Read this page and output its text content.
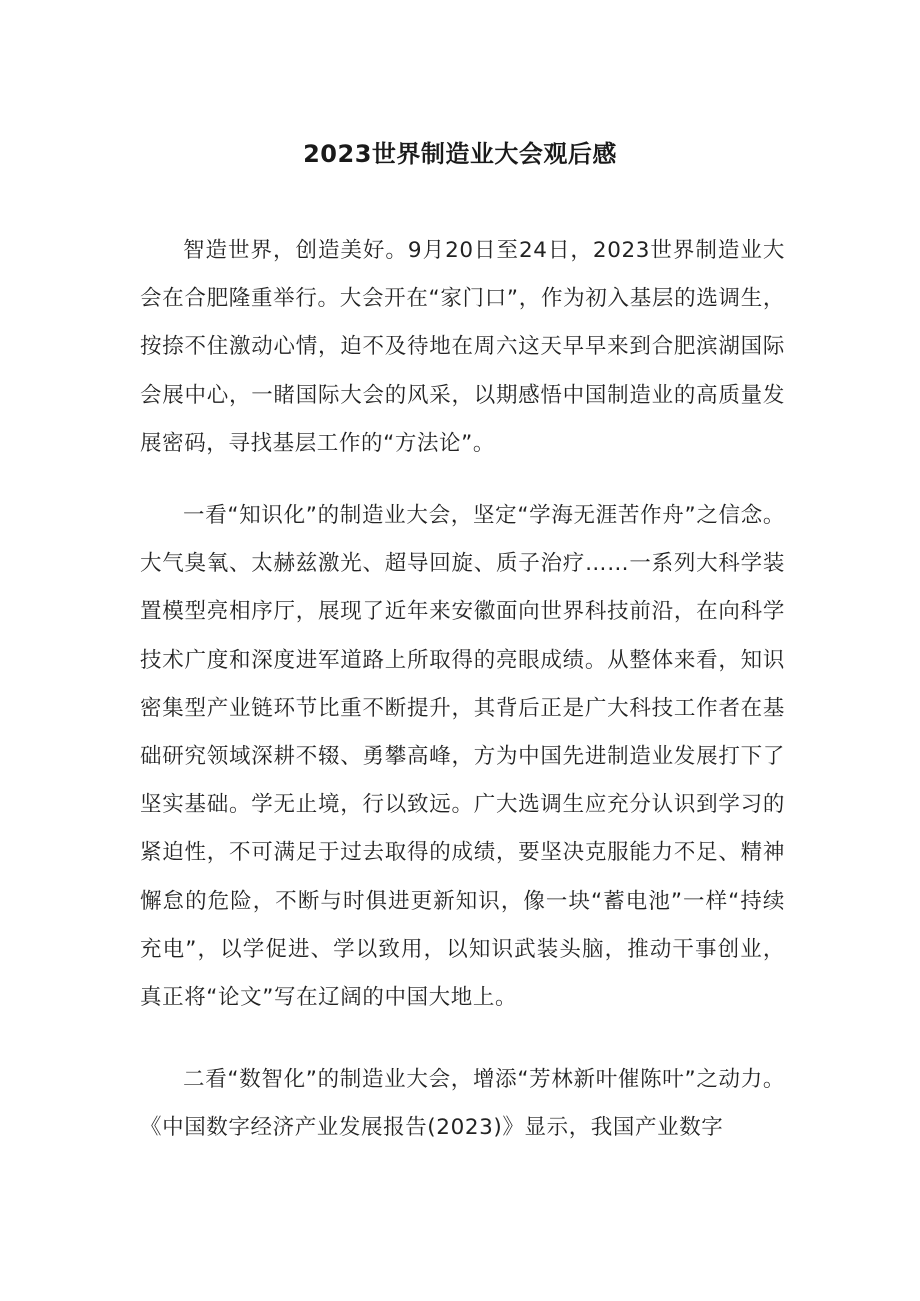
2023世界制造业大会观后感

智造世界，创造美好。9月20日至24日，2023世界制造业大会在合肥隆重举行。大会开在“家门口”，作为初入基层的选调生，按捺不住激动心情，迫不及待地在周六这天早早来到合肥滨湖国际会展中心，一睹国际大会的风采，以期感悟中国制造业的高质量发展密码，寻找基层工作的“方法论”。

一看“知识化”的制造业大会，坚定“学海无涯苦作舟”之信念。大气臭氧、太赫兹激光、超导回旋、质子治疗……一系列大科学装置模型亮相序厅，展现了近年来安徽面向世界科技前沿，在向科学技术广度和深度进军道路上所取得的亮眼成绩。从整体来看，知识密集型产业链环节比重不断提升，其背后正是广大科技工作者在基础研究领域深耕不辍、勇攀高峰，方为中国先进制造业发展打下了坚实基础。学无止境，行以致远。广大选调生应充分认识到学习的紧迫性，不可满足于过去取得的成绩，要坚决克服能力不足、精神懈怠的危险，不断与时俱进更新知识，像一块“蓄电池”一样“持续充电”，以学促进、学以致用，以知识武装头脑，推动干事创业，真正将“论文”写在辽阔的中国大地上。

二看“数智化”的制造业大会，增添“芳林新叶催陈叶”之动力。《中国数字经济产业发展报告(2023)》显示，我国产业数字
